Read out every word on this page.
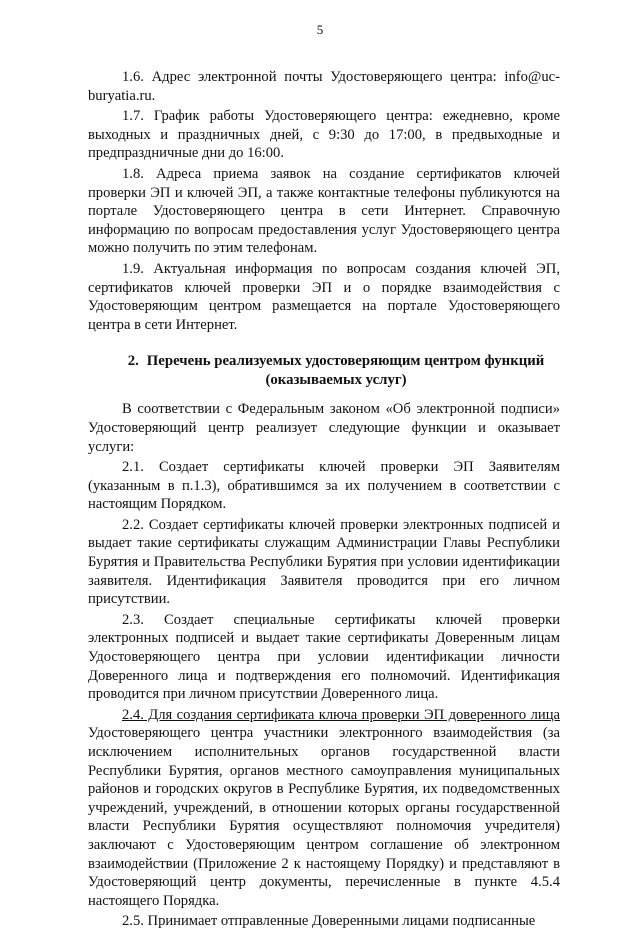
5

1.6. Адрес электронной почты Удостоверяющего центра: info@uc-buryatia.ru.

1.7. График работы Удостоверяющего центра: ежедневно, кроме выходных и праздничных дней, с 9:30 до 17:00, в предвыходные и предпраздничные дни до 16:00.

1.8. Адреса приема заявок на создание сертификатов ключей проверки ЭП и ключей ЭП, а также контактные телефоны публикуются на портале Удостоверяющего центра в сети Интернет. Справочную информацию по вопросам предоставления услуг Удостоверяющего центра можно получить по этим телефонам.

1.9. Актуальная информация по вопросам создания ключей ЭП, сертификатов ключей проверки ЭП и о порядке взаимодействия с Удостоверяющим центром размещается на портале Удостоверяющего центра в сети Интернет.

2. Перечень реализуемых удостоверяющим центром функций (оказываемых услуг)

В соответствии с Федеральным законом «Об электронной подписи» Удостоверяющий центр реализует следующие функции и оказывает услуги:

2.1. Создает сертификаты ключей проверки ЭП Заявителям (указанным в п.1.3), обратившимся за их получением в соответствии с настоящим Порядком.

2.2. Создает сертификаты ключей проверки электронных подписей и выдает такие сертификаты служащим Администрации Главы Республики Бурятия и Правительства Республики Бурятия при условии идентификации заявителя. Идентификация Заявителя проводится при его личном присутствии.

2.3. Создает специальные сертификаты ключей проверки электронных подписей и выдает такие сертификаты Доверенным лицам Удостоверяющего центра при условии идентификации личности Доверенного лица и подтверждения его полномочий. Идентификация проводится при личном присутствии Доверенного лица.

2.4. Для создания сертификата ключа проверки ЭП доверенного лица Удостоверяющего центра участники электронного взаимодействия (за исключением исполнительных органов государственной власти Республики Бурятия, органов местного самоуправления муниципальных районов и городских округов в Республике Бурятия, их подведомственных учреждений, учреждений, в отношении которых органы государственной власти Республики Бурятия осуществляют полномочия учредителя) заключают с Удостоверяющим центром соглашение об электронном взаимодействии (Приложение 2 к настоящему Порядку) и представляют в Удостоверяющий центр документы, перечисленные в пункте 4.5.4 настоящего Порядка.

2.5. Принимает отправленные Доверенными лицами подписанные
